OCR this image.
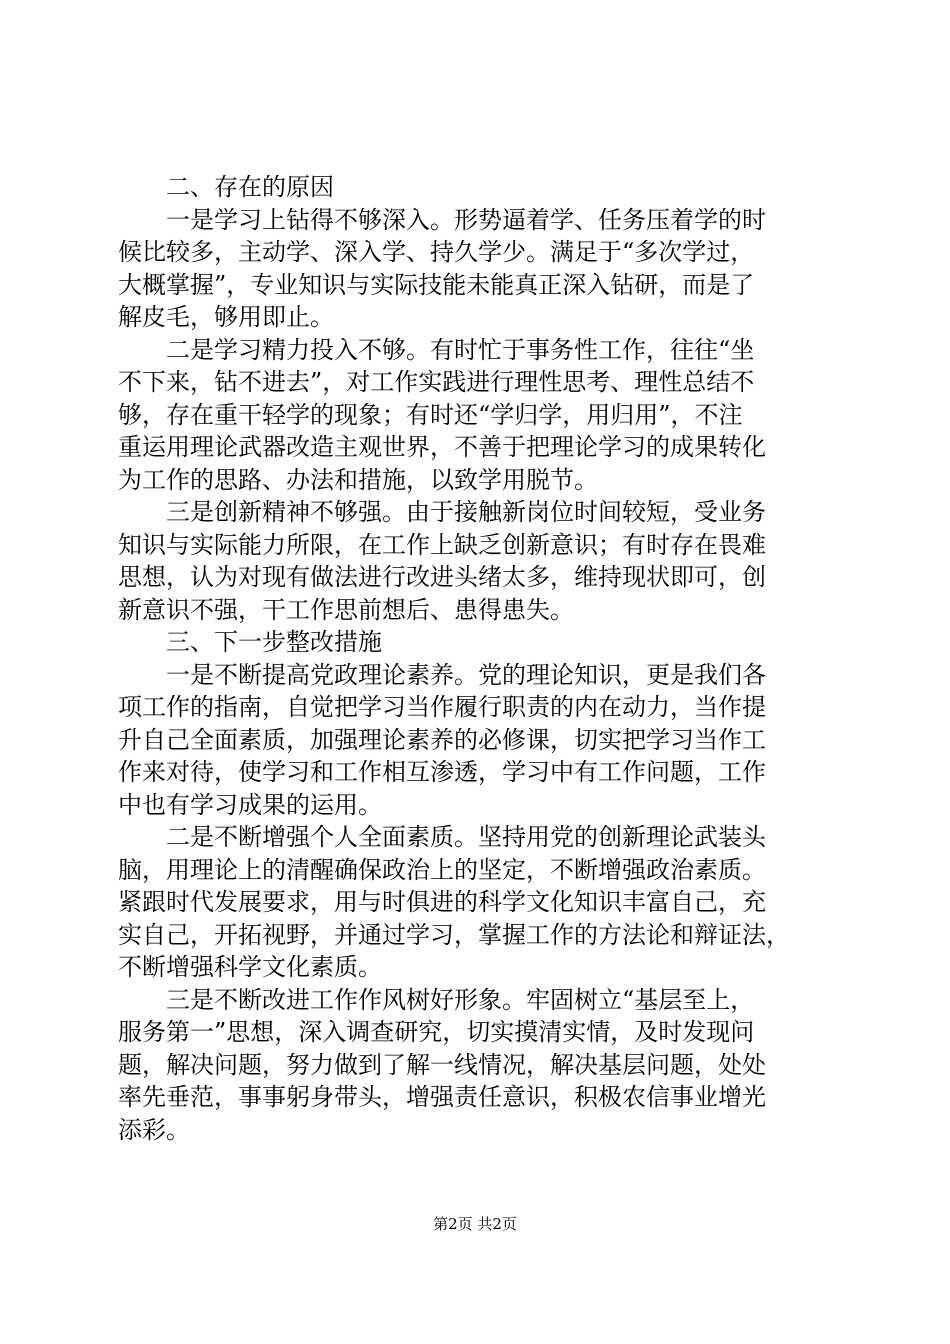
　　二、存在的原因
　　一是学习上钻得不够深入。形势逼着学、任务压着学的时
候比较多，主动学、深入学、持久学少。满足于“多次学过，
大概掌握”，专业知识与实际技能未能真正深入钻研，而是了
解皮毛，够用即止。
　　二是学习精力投入不够。有时忙于事务性工作，往往“坐
不下来，钻不进去”，对工作实践进行理性思考、理性总结不
够，存在重干轻学的现象；有时还“学归学，用归用”，不注
重运用理论武器改造主观世界，不善于把理论学习的成果转化
为工作的思路、办法和措施，以致学用脱节。
　　三是创新精神不够强。由于接触新岗位时间较短，受业务
知识与实际能力所限，在工作上缺乏创新意识；有时存在畏难
思想，认为对现有做法进行改进头绪太多，维持现状即可，创
新意识不强，干工作思前想后、患得患失。
　　三、下一步整改措施
　　一是不断提高党政理论素养。党的理论知识，更是我们各
项工作的指南，自觉把学习当作履行职责的内在动力，当作提
升自己全面素质，加强理论素养的必修课，切实把学习当作工
作来对待，使学习和工作相互渗透，学习中有工作问题，工作
中也有学习成果的运用。
　　二是不断增强个人全面素质。坚持用党的创新理论武装头
脑，用理论上的清醒确保政治上的坚定，不断增强政治素质。
紧跟时代发展要求，用与时俱进的科学文化知识丰富自己，充
实自己，开拓视野，并通过学习，掌握工作的方法论和辩证法，
不断增强科学文化素质。
　　三是不断改进工作作风树好形象。牢固树立“基层至上，
服务第一”思想，深入调查研究，切实摸清实情，及时发现问
题，解决问题，努力做到了解一线情况，解决基层问题，处处
率先垂范，事事躬身带头，增强责任意识，积极农信事业增光
添彩。
第2页 共2页
